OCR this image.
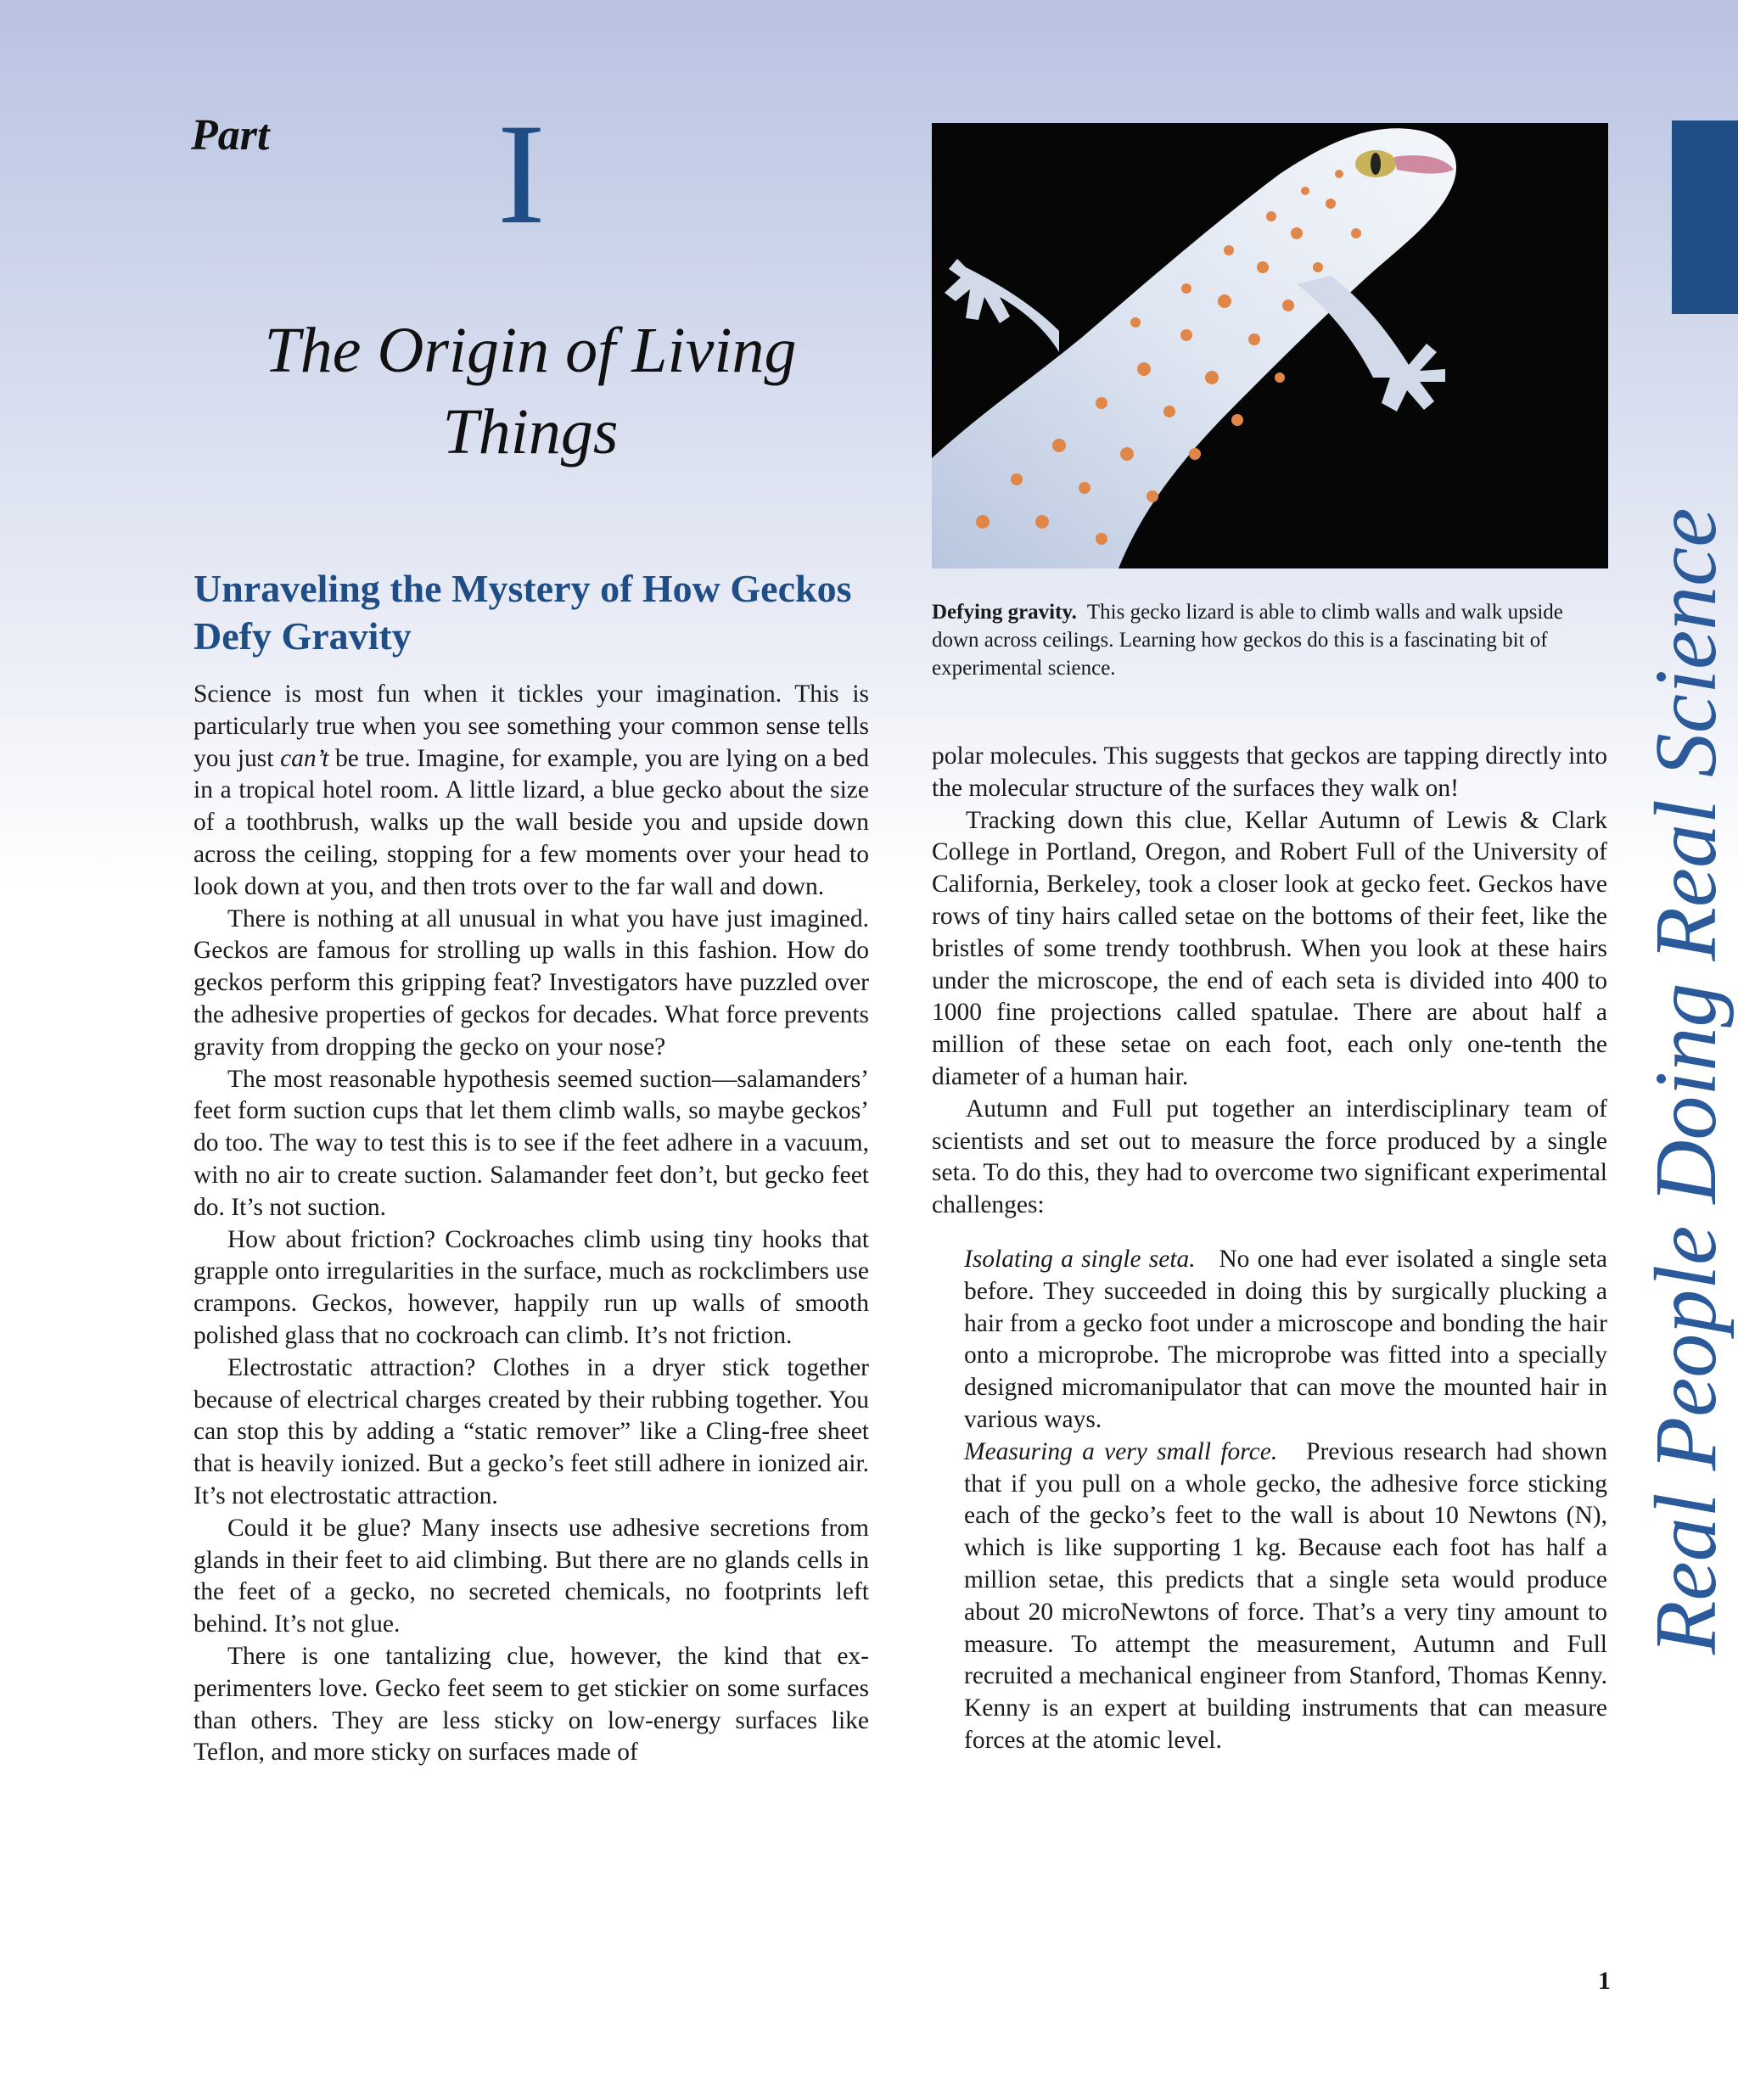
Part I
The Origin of Living Things
Unraveling the Mystery of How Geckos Defy Gravity

Science is most fun when it tickles your imagination. This is particularly true when you see something your common sense tells you just can’t be true. Imagine, for example, you are lying on a bed in a tropical hotel room. A little lizard, a blue gecko about the size of a toothbrush, walks up the wall beside you and upside down across the ceiling, stopping for a few moments over your head to look down at you, and then trots over to the far wall and down.

There is nothing at all unusual in what you have just imagined. Geckos are famous for strolling up walls in this fashion. How do geckos perform this gripping feat? Investigators have puzzled over the adhesive properties of geckos for decades. What force prevents gravity from dropping the gecko on your nose?

The most reasonable hypothesis seemed suction—salamanders’ feet form suction cups that let them climb walls, so maybe geckos’ do too. The way to test this is to see if the feet adhere in a vacuum, with no air to create suction. Salamander feet don’t, but gecko feet do. It’s not suction.

How about friction? Cockroaches climb using tiny hooks that grapple onto irregularities in the surface, much as rockclimbers use crampons. Geckos, however, happily run up walls of smooth polished glass that no cockroach can climb. It’s not friction.

Electrostatic attraction? Clothes in a dryer stick together because of electrical charges created by their rubbing together. You can stop this by adding a “static remover” like a Cling-free sheet that is heavily ionized. But a gecko’s feet still adhere in ionized air. It’s not electrostatic attraction.

Could it be glue? Many insects use adhesive secretions from glands in their feet to aid climbing. But there are no glands cells in the feet of a gecko, no secreted chemicals, no footprints left behind. It’s not glue.

There is one tantalizing clue, however, the kind that experimenters love. Gecko feet seem to get stickier on some surfaces than others. They are less sticky on low-energy surfaces like Teflon, and more sticky on surfaces made of

Defying gravity. This gecko lizard is able to climb walls and walk upside down across ceilings. Learning how geckos do this is a fascinating bit of experimental science.

polar molecules. This suggests that geckos are tapping directly into the molecular structure of the surfaces they walk on!

Tracking down this clue, Kellar Autumn of Lewis & Clark College in Portland, Oregon, and Robert Full of the University of California, Berkeley, took a closer look at gecko feet. Geckos have rows of tiny hairs called setae on the bottoms of their feet, like the bristles of some trendy toothbrush. When you look at these hairs under the microscope, the end of each seta is divided into 400 to 1000 fine projections called spatulae. There are about half a million of these setae on each foot, each only one-tenth the diameter of a human hair.

Autumn and Full put together an interdisciplinary team of scientists and set out to measure the force produced by a single seta. To do this, they had to overcome two significant experimental challenges:

Isolating a single seta. No one had ever isolated a single seta before. They succeeded in doing this by surgically plucking a hair from a gecko foot under a microscope and bonding the hair onto a microprobe. The microprobe was fitted into a specially designed micromanipulator that can move the mounted hair in various ways.

Measuring a very small force. Previous research had shown that if you pull on a whole gecko, the adhesive force sticking each of the gecko’s feet to the wall is about 10 Newtons (N), which is like supporting 1 kg. Because each foot has half a million setae, this predicts that a single seta would produce about 20 microNewtons of force. That’s a very tiny amount to measure. To attempt the measurement, Autumn and Full recruited a mechanical engineer from Stanford, Thomas Kenny. Kenny is an expert at building instruments that can measure forces at the atomic level.

Real People Doing Real Science
1
